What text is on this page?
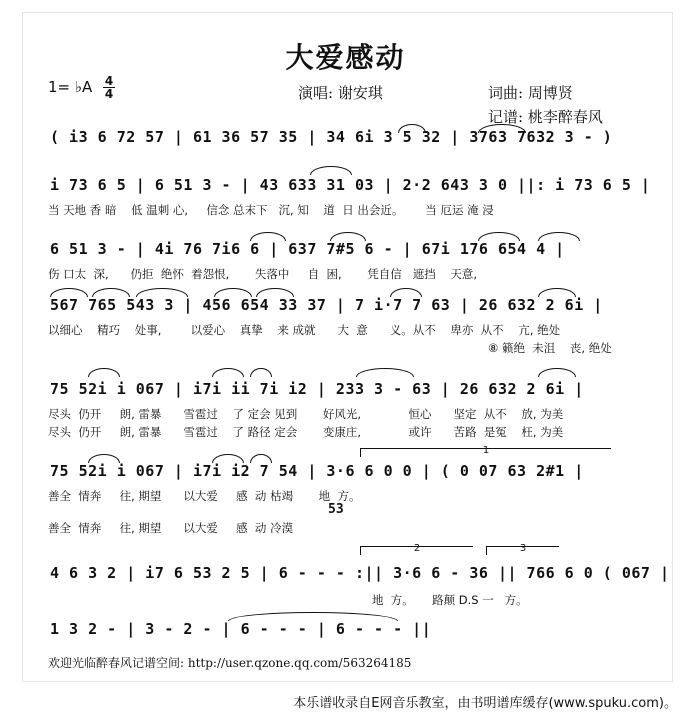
大爱感动
演唱: 谢安琪	词曲: 周博贤
记谱: 桃李醉春风
1= ♭A 4
4
( i3 6 72 57 | 61 36 57 35 | 34 6i 3 5 32 | 3763 7632 3 - )
i 73 6 5 | 6 51 3 - | 43 633 31 03 | 2·2 643 3 0 ||: i 73 6 5 |
当 天地 香 暗    低 温刺 心,     信念 总末下   沉, 知    道  日 出会近。      当 厄运 淹 浸
6 51 3 - | 4i 76 7i6 6 | 637 7#5 6 - | 67i 176 654 4 |
伤 口太  深,      仍拒  绝怀  着怨恨,       失落中     自  困,       凭自信   遮挡    天意,
567 765 543 3 | 456 654 33 37 | 7 i·7 7 63 | 26 632 2 6i |
以细心    精巧    处事,        以爱心    真挚    来 成就      大  意      义。从不    卑亦  从不    亢, 绝处
⑧ 籁绝  未沮    丧, 绝处
75 52i i 067 | i7i ii 7i i2 | 233 3 - 63 | 26 632 2 6i |
尽头  仍开     朗, 雷暴      雪雹过    了 定会 见到       好风光,             恒心      坚定  从不    放, 为美
尽头  仍开     朗, 雷暴      雪雹过    了 路径 定会       变康庄,             或许      苦路  是冤    枉, 为美
1
75 52i i 067 | i7i i2 7 54 | 3·6 6 0 0 | ( 0 07 63 2#1 |
善全  情奔     往, 期望      以大爱     感  动 枯竭       地  方。
53
善全  情奔     往, 期望      以大爱     感  动 冷漠
2	3
4 6 3 2 | i7 6 53 2 5 | 6 - - - :|| 3·6 6 - 36 || 766 6 0 ( 067 |
地  方。     路颠 D.S 一   方。
1 3 2 - | 3 - 2 - | 6 - - - | 6 - - - ||
欢迎光临醉春风记谱空间: http://user.qzone.qq.com/563264185
本乐谱收录自E网音乐教室，由书明谱库缓存(www.spuku.com)。
